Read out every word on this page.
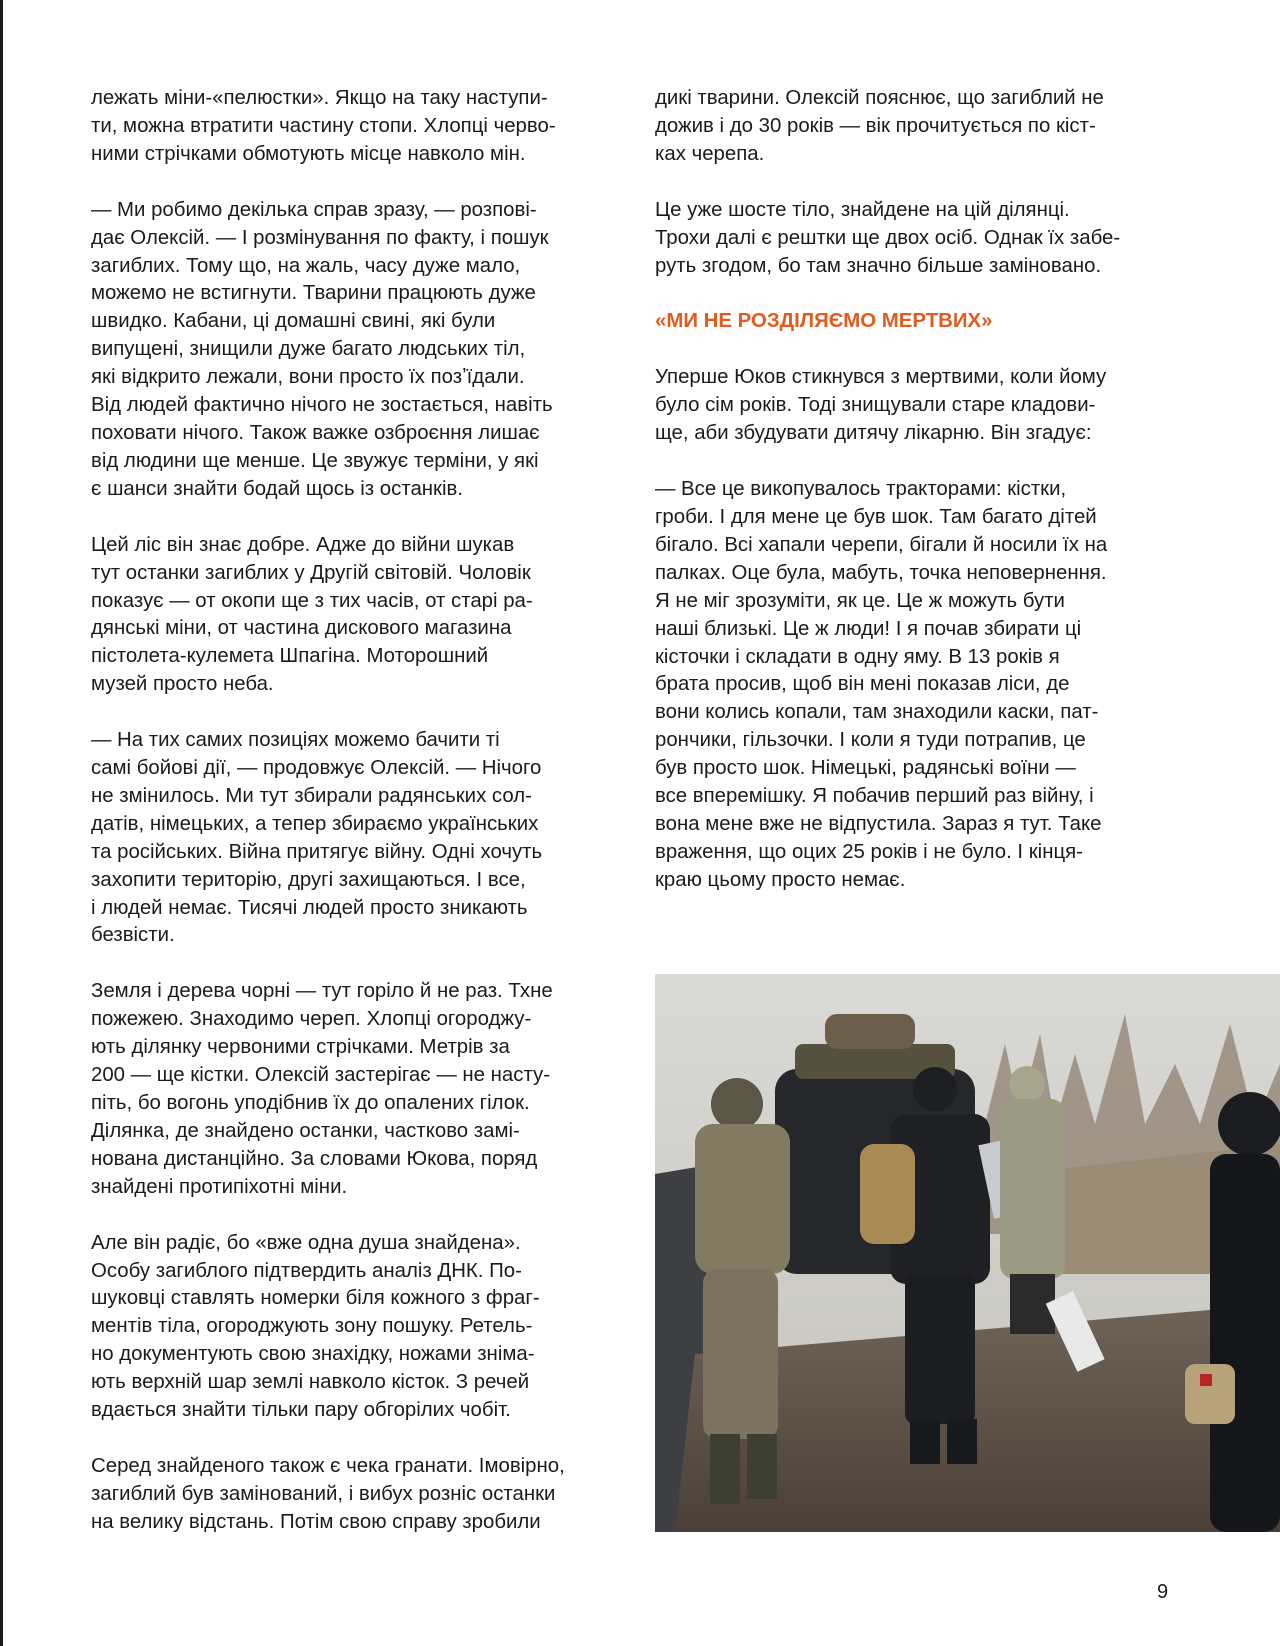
лежать міни-«пелюстки». Якщо на таку наступи-
ти, можна втратити частину стопи. Хлопці черво-
ними стрічками обмотують місце навколо мін.

— Ми робимо декілька справ зразу, — розпові-
дає Олексій. — І розмінування по факту, і пошук
загиблих. Тому що, на жаль, часу дуже мало,
можемо не встигнути. Тварини працюють дуже
швидко. Кабани, ці домашні свині, які були
випущені, знищили дуже багато людських тіл,
які відкрито лежали, вони просто їх позʼїдали.
Від людей фактично нічого не зостається, навіть
поховати нічого. Також важке озброєння лишає
від людини ще менше. Це звужує терміни, у які
є шанси знайти бодай щось із останків.

Цей ліс він знає добре. Адже до війни шукав
тут останки загиблих у Другій світовій. Чоловік
показує — от окопи ще з тих часів, от старі ра-
дянські міни, от частина дискового магазина
пістолета-кулемета Шпагіна. Моторошний
музей просто неба.

— На тих самих позиціях можемо бачити ті
самі бойові дії, — продовжує Олексій. — Нічого
не змінилось. Ми тут збирали радянських сол-
датів, німецьких, а тепер збираємо українських
та російських. Війна притягує війну. Одні хочуть
захопити територію, другі захищаються. І все,
і людей немає. Тисячі людей просто зникають
безвісти.

Земля і дерева чорні — тут горіло й не раз. Тхне
пожежею. Знаходимо череп. Хлопці огороджу-
ють ділянку червоними стрічками. Метрів за
200 — ще кістки. Олексій застерігає — не насту-
піть, бо вогонь уподібнив їх до опалених гілок.
Ділянка, де знайдено останки, частково замі-
нована дистанційно. За словами Юкова, поряд
знайдені протипіхотні міни.

Але він радіє, бо «вже одна душа знайдена».
Особу загиблого підтвердить аналіз ДНК. По-
шуковці ставлять номерки біля кожного з фраг-
ментів тіла, огороджують зону пошуку. Ретель-
но документують свою знахідку, ножами зніма-
ють верхній шар землі навколо кісток. З речей
вдається знайти тільки пару обгорілих чобіт.

Серед знайденого також є чека гранати. Імовірно,
загиблий був замінований, і вибух розніс останки
на велику відстань. Потім свою справу зробили

дикі тварини. Олексій пояснює, що загиблий не
дожив і до 30 років — вік прочитується по кіст-
ках черепа.

Це уже шосте тіло, знайдене на цій ділянці.
Трохи далі є рештки ще двох осіб. Однак їх забе-
руть згодом, бо там значно більше заміновано.

«МИ НЕ РОЗДІЛЯЄМО МЕРТВИХ»

Уперше Юков стикнувся з мертвими, коли йому
було сім років. Тоді знищували старе кладови-
ще, аби збудувати дитячу лікарню. Він згадує:

— Все це викопувалось тракторами: кістки,
гроби. І для мене це був шок. Там багато дітей
бігало. Всі хапали черепи, бігали й носили їх на
палках. Оце була, мабуть, точка неповернення.
Я не міг зрозуміти, як це. Це ж можуть бути
наші близькі. Це ж люди! І я почав збирати ці
кісточки і складати в одну яму. В 13 років я
брата просив, щоб він мені показав ліси, де
вони колись копали, там знаходили каски, пат-
рончики, гільзочки. І коли я туди потрапив, це
був просто шок. Німецькі, радянські воїни —
все вперемішку. Я побачив перший раз війну, і
вона мене вже не відпустила. Зараз я тут. Таке
враження, що оцих 25 років і не було. І кінця-
краю цьому просто немає.

9
